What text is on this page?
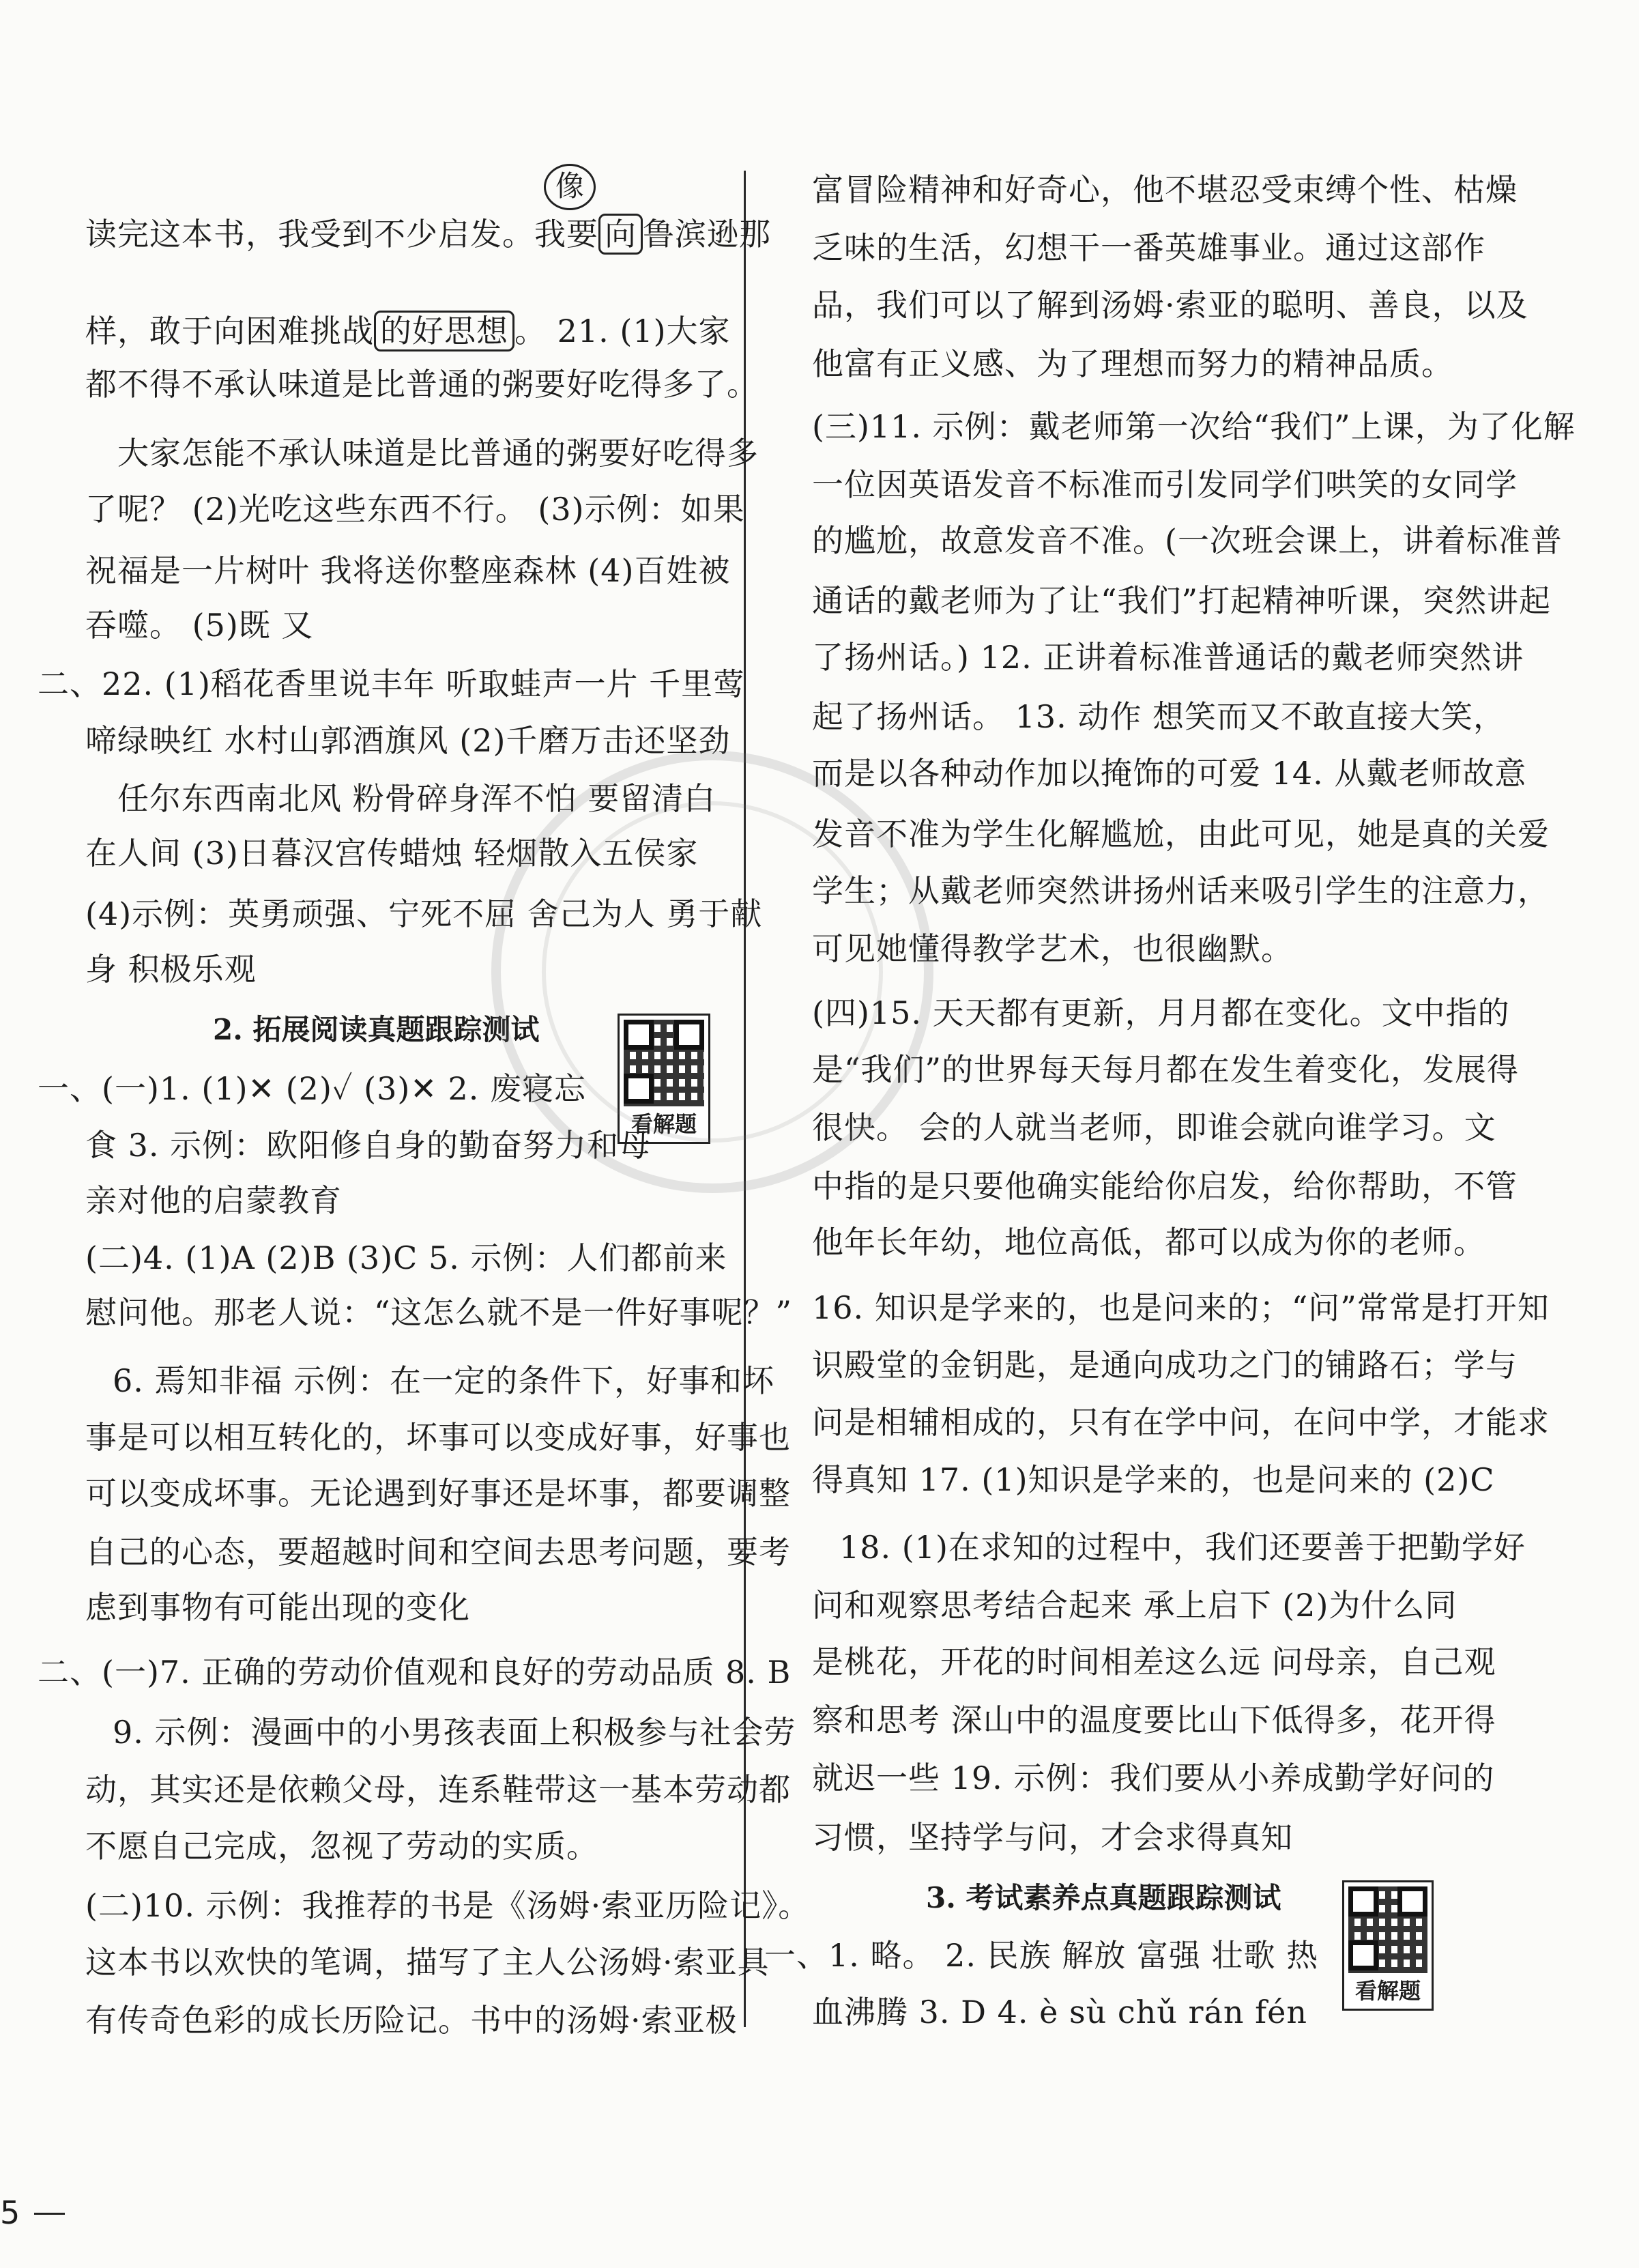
像
读完这本书，我受到不少启发。我要 向 鲁滨逊那
样，敢于向困难挑战 的好思想 。 21. (1)大家
都不得不承认味道是比普通的粥要好吃得多了。
大家怎能不承认味道是比普通的粥要好吃得多
了呢？ (2)光吃这些东西不行。 (3)示例：如果
祝福是一片树叶 我将送你整座森林 (4)百姓被
吞噬。 (5)既 又
二、22. (1)稻花香里说丰年 听取蛙声一片 千里莺
啼绿映红 水村山郭酒旗风 (2)千磨万击还坚劲
任尔东西南北风 粉骨碎身浑不怕 要留清白
在人间 (3)日暮汉宫传蜡烛 轻烟散入五侯家
(4)示例：英勇顽强、宁死不屈 舍己为人 勇于献
身 积极乐观
2. 拓展阅读真题跟踪测试
看解题
一、(一)1. (1)✕ (2)✓ (3)✕ 2. 废寝忘
食 3. 示例：欧阳修自身的勤奋努力和母
亲对他的启蒙教育
(二)4. (1)A (2)B (3)C 5. 示例：人们都前来
慰问他。那老人说：“这怎么就不是一件好事呢？”
6. 焉知非福 示例：在一定的条件下，好事和坏
事是可以相互转化的，坏事可以变成好事，好事也
可以变成坏事。无论遇到好事还是坏事，都要调整
自己的心态，要超越时间和空间去思考问题，要考
虑到事物有可能出现的变化
二、(一)7. 正确的劳动价值观和良好的劳动品质 8. B
9. 示例：漫画中的小男孩表面上积极参与社会劳
动，其实还是依赖父母，连系鞋带这一基本劳动都
不愿自己完成，忽视了劳动的实质。
(二)10. 示例：我推荐的书是《汤姆·索亚历险记》。
这本书以欢快的笔调，描写了主人公汤姆·索亚具
有传奇色彩的成长历险记。书中的汤姆·索亚极
富冒险精神和好奇心，他不堪忍受束缚个性、枯燥
乏味的生活，幻想干一番英雄事业。通过这部作
品，我们可以了解到汤姆·索亚的聪明、善良，以及
他富有正义感、为了理想而努力的精神品质。
(三)11. 示例：戴老师第一次给“我们”上课，为了化解
一位因英语发音不标准而引发同学们哄笑的女同学
的尴尬，故意发音不准。(一次班会课上，讲着标准普
通话的戴老师为了让“我们”打起精神听课，突然讲起
了扬州话。) 12. 正讲着标准普通话的戴老师突然讲
起了扬州话。 13. 动作 想笑而又不敢直接大笑，
而是以各种动作加以掩饰的可爱 14. 从戴老师故意
发音不准为学生化解尴尬，由此可见，她是真的关爱
学生；从戴老师突然讲扬州话来吸引学生的注意力，
可见她懂得教学艺术，也很幽默。
(四)15. 天天都有更新，月月都在变化。文中指的
是“我们”的世界每天每月都在发生着变化，发展得
很快。 会的人就当老师，即谁会就向谁学习。文
中指的是只要他确实能给你启发，给你帮助，不管
他年长年幼，地位高低，都可以成为你的老师。
16. 知识是学来的，也是问来的；“问”常常是打开知
识殿堂的金钥匙，是通向成功之门的铺路石；学与
问是相辅相成的，只有在学中问，在问中学，才能求
得真知 17. (1)知识是学来的，也是问来的 (2)C
18. (1)在求知的过程中，我们还要善于把勤学好
问和观察思考结合起来 承上启下 (2)为什么同
是桃花，开花的时间相差这么远 问母亲，自己观
察和思考 深山中的温度要比山下低得多，花开得
就迟一些 19. 示例：我们要从小养成勤学好问的
习惯，坚持学与问，才会求得真知
3. 考试素养点真题跟踪测试
看解题
一、1. 略。 2. 民族 解放 富强 壮歌 热
血沸腾 3. D 4. è sù chǔ rán fén
5
